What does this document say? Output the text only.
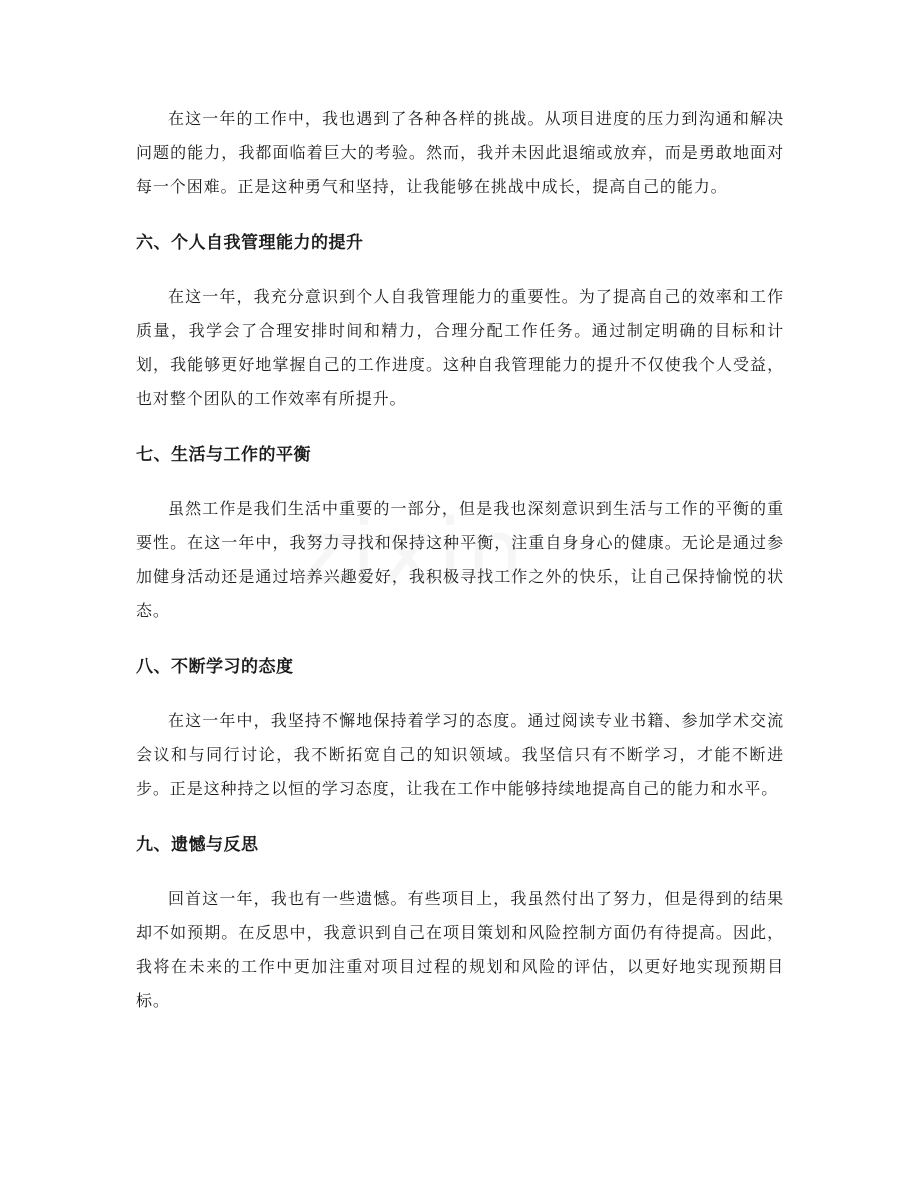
在这一年的工作中，我也遇到了各种各样的挑战。从项目进度的压力到沟通和解决问题的能力，我都面临着巨大的考验。然而，我并未因此退缩或放弃，而是勇敢地面对每一个困难。正是这种勇气和坚持，让我能够在挑战中成长，提高自己的能力。

六、个人自我管理能力的提升

在这一年，我充分意识到个人自我管理能力的重要性。为了提高自己的效率和工作质量，我学会了合理安排时间和精力，合理分配工作任务。通过制定明确的目标和计划，我能够更好地掌握自己的工作进度。这种自我管理能力的提升不仅使我个人受益，也对整个团队的工作效率有所提升。

七、生活与工作的平衡

虽然工作是我们生活中重要的一部分，但是我也深刻意识到生活与工作的平衡的重要性。在这一年中，我努力寻找和保持这种平衡，注重自身身心的健康。无论是通过参加健身活动还是通过培养兴趣爱好，我积极寻找工作之外的快乐，让自己保持愉悦的状态。

八、不断学习的态度

在这一年中，我坚持不懈地保持着学习的态度。通过阅读专业书籍、参加学术交流会议和与同行讨论，我不断拓宽自己的知识领域。我坚信只有不断学习，才能不断进步。正是这种持之以恒的学习态度，让我在工作中能够持续地提高自己的能力和水平。

九、遗憾与反思

回首这一年，我也有一些遗憾。有些项目上，我虽然付出了努力，但是得到的结果却不如预期。在反思中，我意识到自己在项目策划和风险控制方面仍有待提高。因此，我将在未来的工作中更加注重对项目过程的规划和风险的评估，以更好地实现预期目标。
